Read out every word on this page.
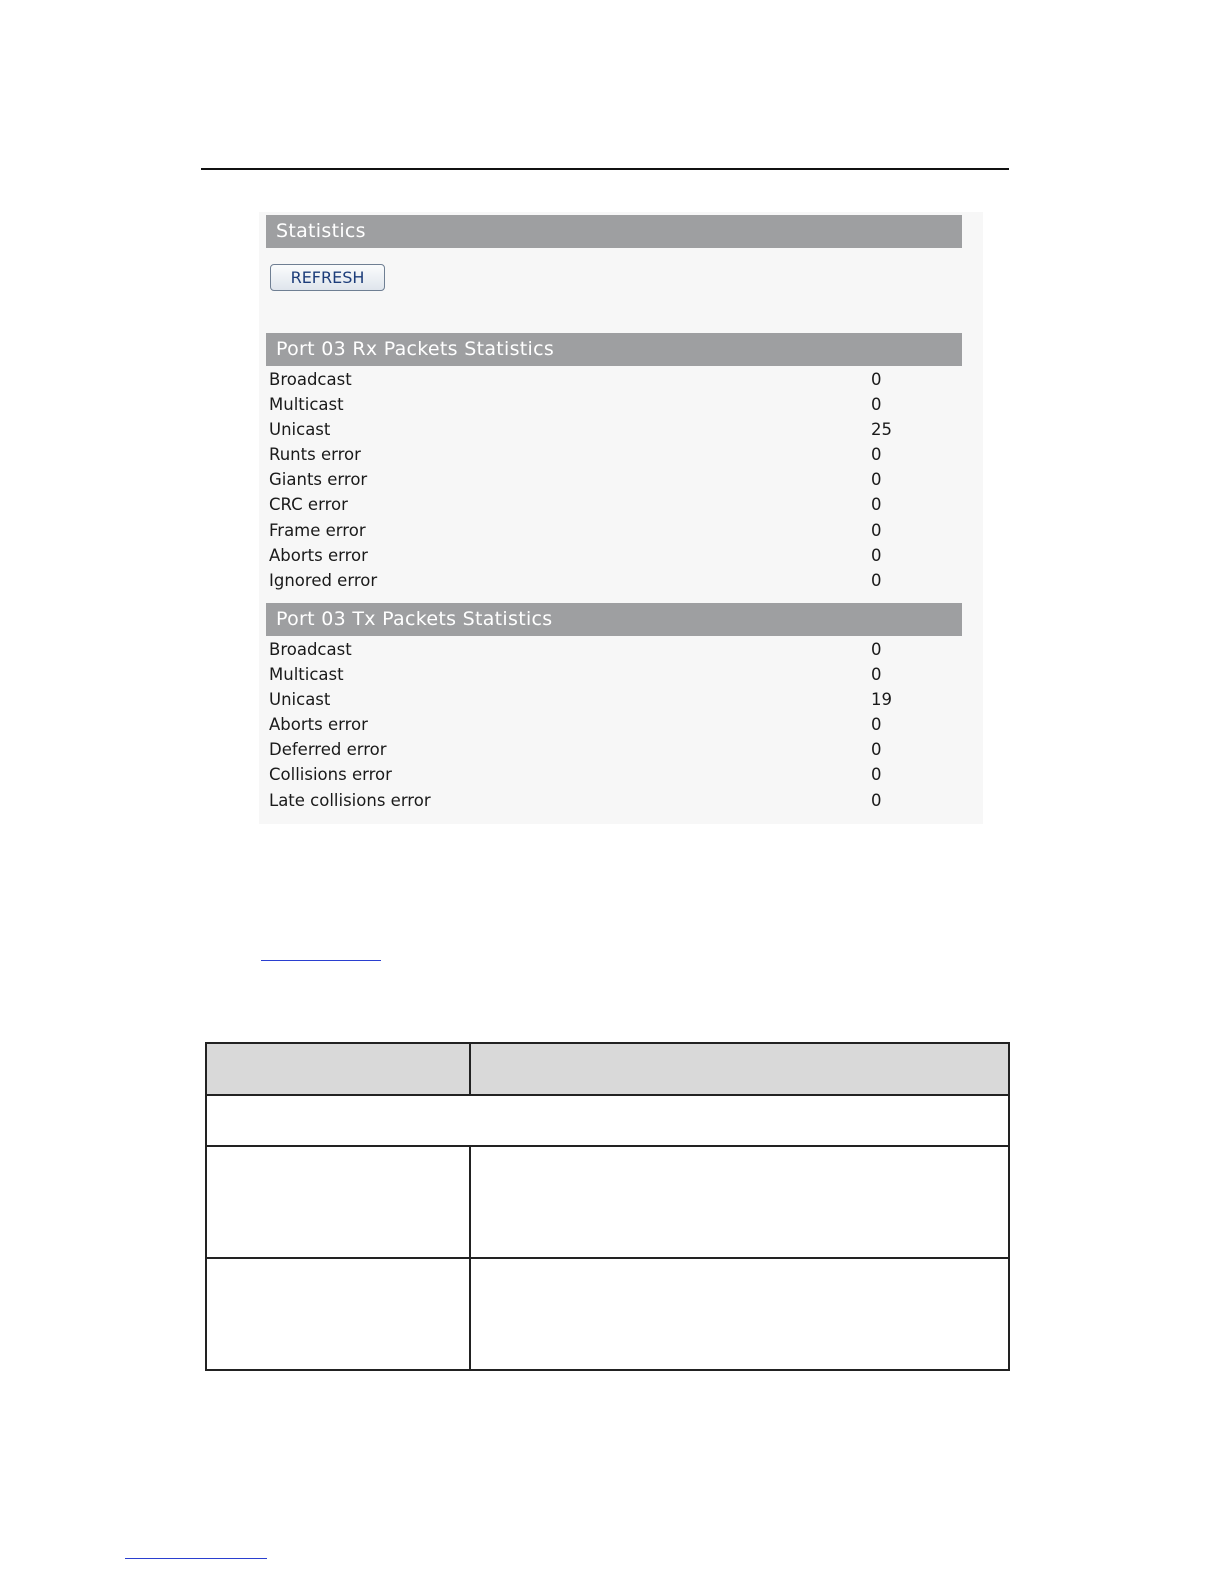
Statistics
REFRESH
Port 03 Rx Packets Statistics
Broadcast	0
Multicast	0
Unicast	25
Runts error	0
Giants error	0
CRC error	0
Frame error	0
Aborts error	0
Ignored error	0
Port 03 Tx Packets Statistics
Broadcast	0
Multicast	0
Unicast	19
Aborts error	0
Deferred error	0
Collisions error	0
Late collisions error	0
